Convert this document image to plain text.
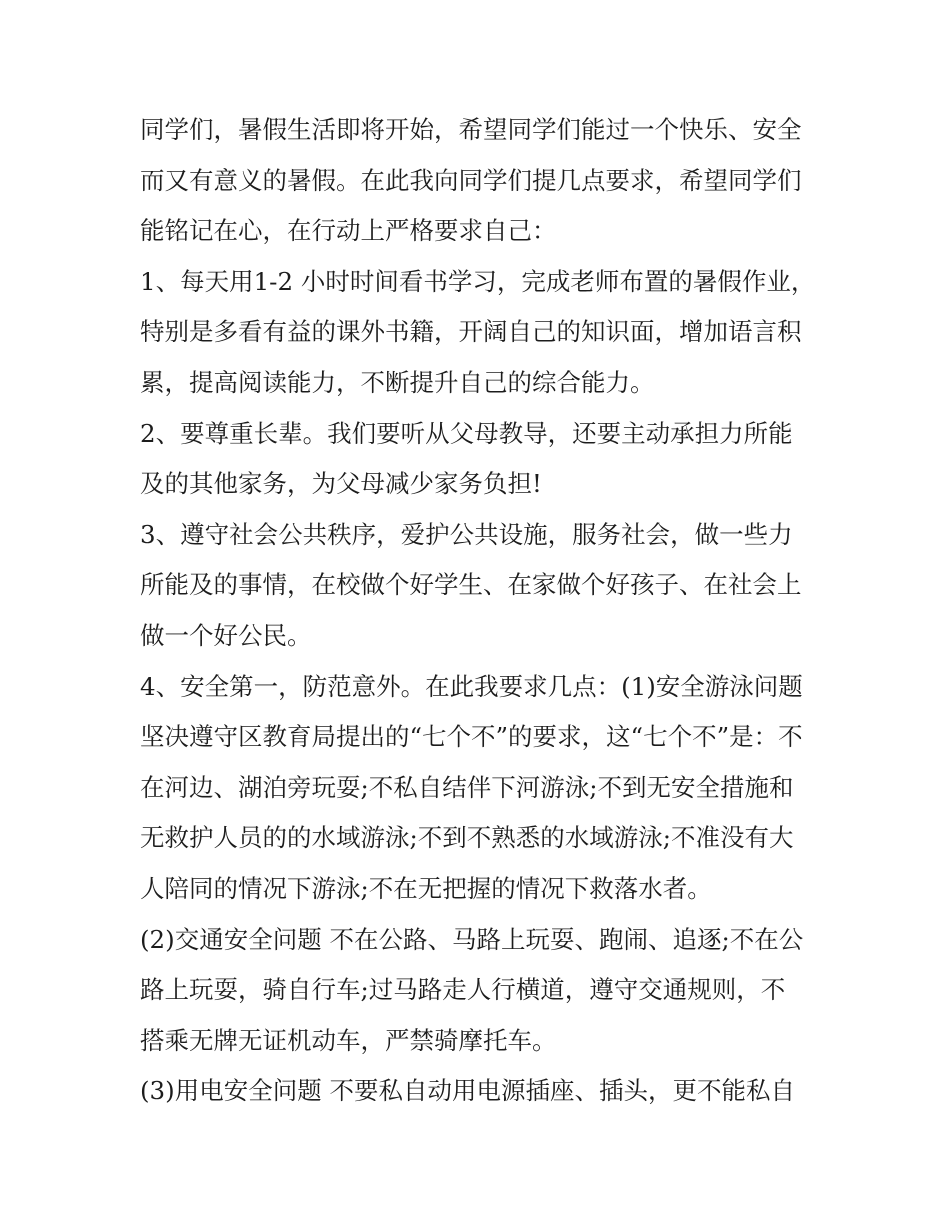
同学们，暑假生活即将开始，希望同学们能过一个快乐、安全
而又有意义的暑假。在此我向同学们提几点要求，希望同学们
能铭记在心，在行动上严格要求自己：
1、每天用1-2 小时时间看书学习，完成老师布置的暑假作业，
特别是多看有益的课外书籍，开阔自己的知识面，增加语言积
累，提高阅读能力，不断提升自己的综合能力。
2、要尊重长辈。我们要听从父母教导，还要主动承担力所能
及的其他家务，为父母减少家务负担!
3、遵守社会公共秩序，爱护公共设施，服务社会，做一些力
所能及的事情，在校做个好学生、在家做个好孩子、在社会上
做一个好公民。
4、安全第一，防范意外。在此我要求几点：(1)安全游泳问题
坚决遵守区教育局提出的“七个不”的要求，这“七个不”是：不
在河边、湖泊旁玩耍;不私自结伴下河游泳;不到无安全措施和
无救护人员的的水域游泳;不到不熟悉的水域游泳;不准没有大
人陪同的情况下游泳;不在无把握的情况下救落水者。
(2)交通安全问题 不在公路、马路上玩耍、跑闹、追逐;不在公
路上玩耍，骑自行车;过马路走人行横道，遵守交通规则，不
搭乘无牌无证机动车，严禁骑摩托车。
(3)用电安全问题 不要私自动用电源插座、插头，更不能私自
